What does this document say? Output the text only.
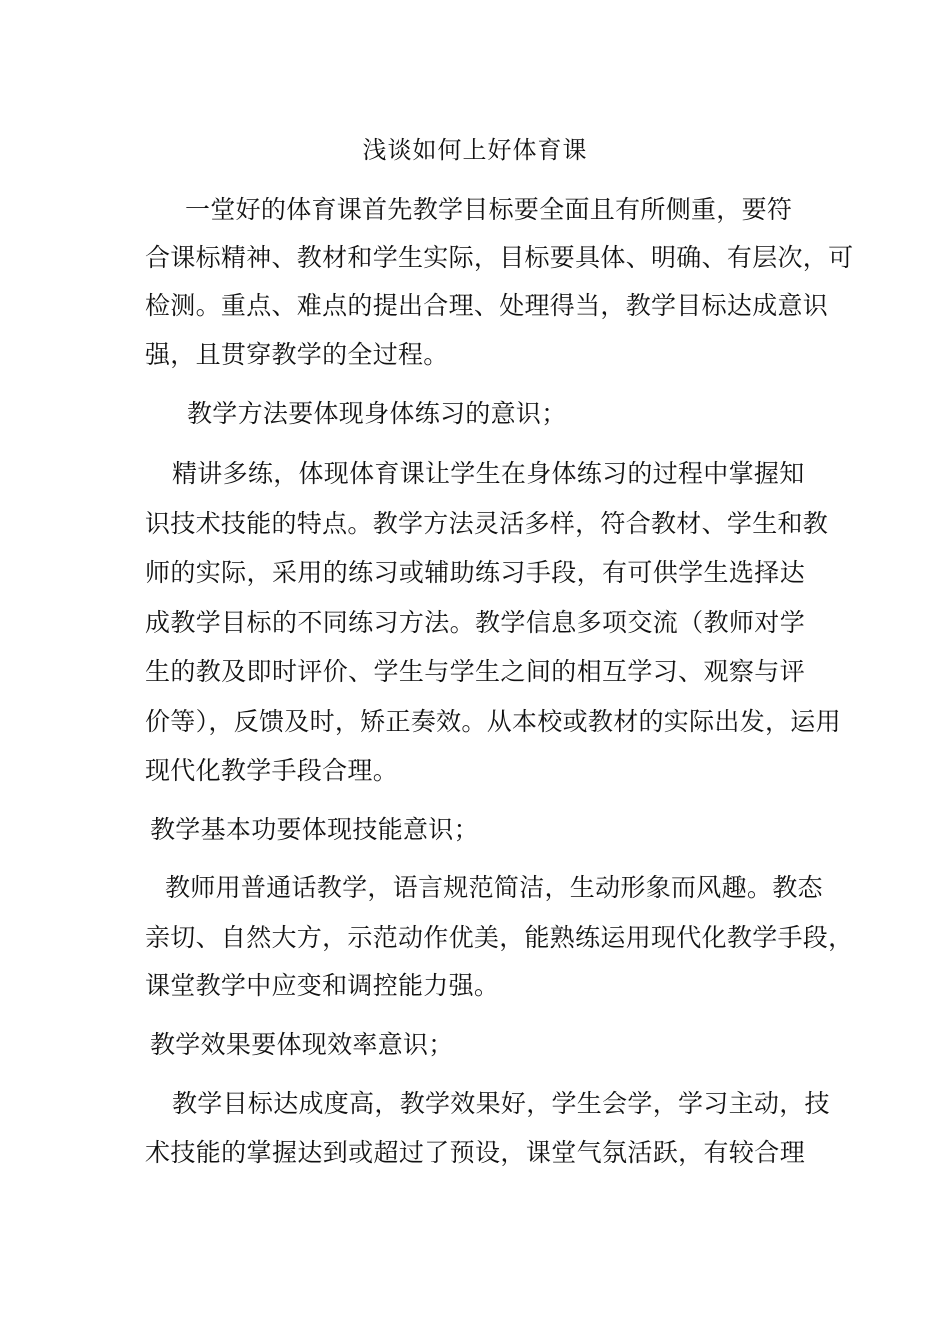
浅谈如何上好体育课
一堂好的体育课首先教学目标要全面且有所侧重，要符
合课标精神、教材和学生实际，目标要具体、明确、有层次，可
检测。重点、难点的提出合理、处理得当，教学目标达成意识
强，且贯穿教学的全过程。
教学方法要体现身体练习的意识；
精讲多练，体现体育课让学生在身体练习的过程中掌握知
识技术技能的特点。教学方法灵活多样，符合教材、学生和教
师的实际，采用的练习或辅助练习手段，有可供学生选择达
成教学目标的不同练习方法。教学信息多项交流（教师对学
生的教及即时评价、学生与学生之间的相互学习、观察与评
价等），反馈及时，矫正奏效。从本校或教材的实际出发，运用
现代化教学手段合理。
教学基本功要体现技能意识；
教师用普通话教学，语言规范简洁，生动形象而风趣。教态
亲切、自然大方，示范动作优美，能熟练运用现代化教学手段，
课堂教学中应变和调控能力强。
教学效果要体现效率意识；
教学目标达成度高，教学效果好，学生会学，学习主动，技
术技能的掌握达到或超过了预设，课堂气氛活跃，有较合理
